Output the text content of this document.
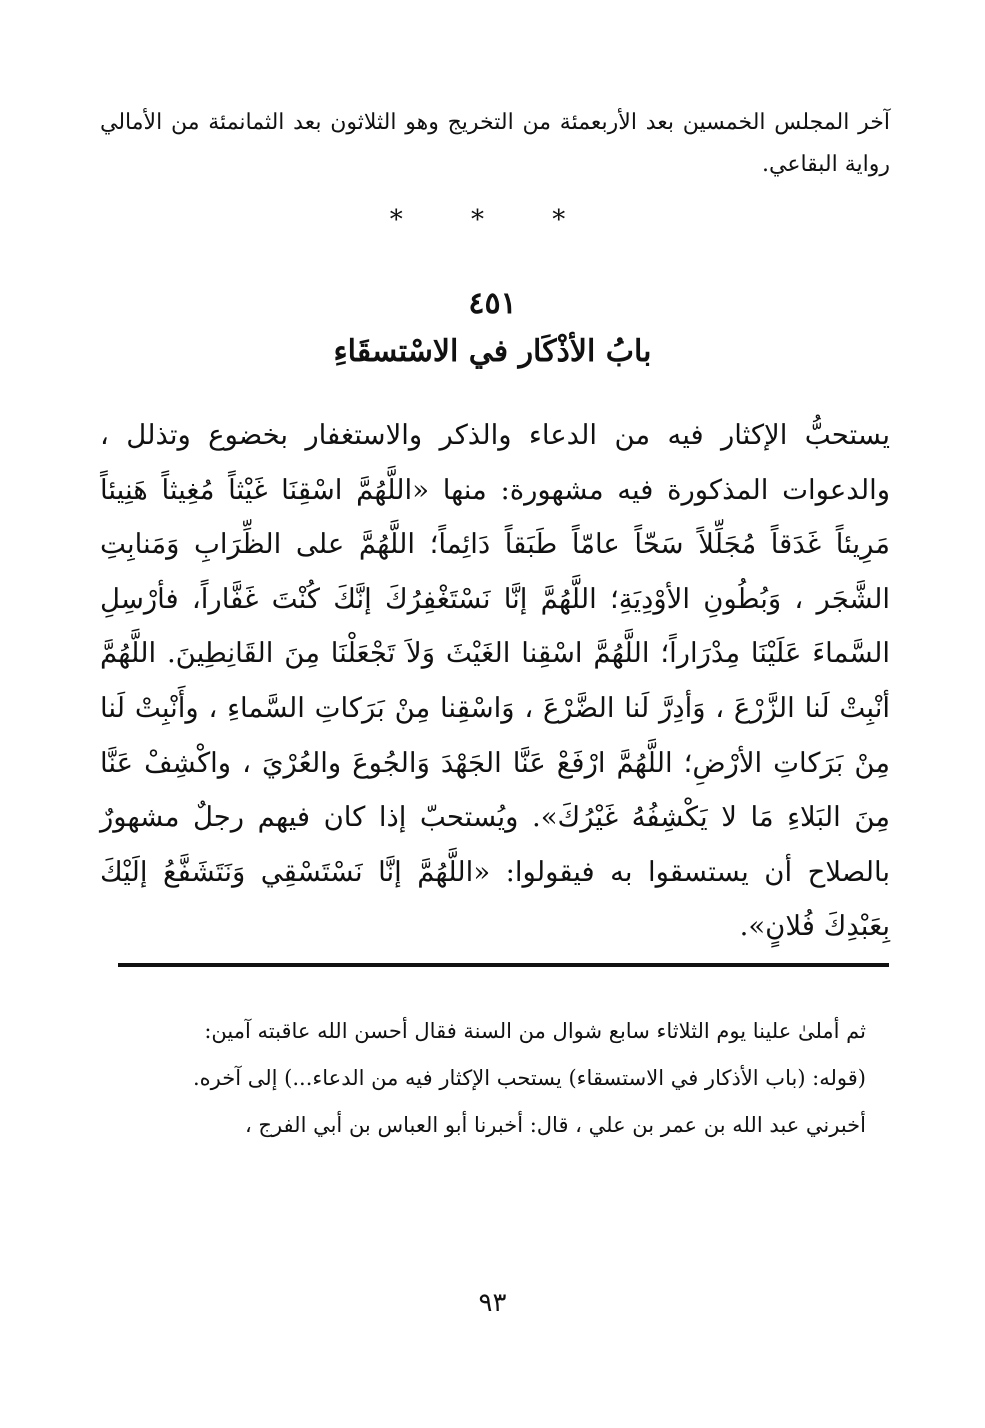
آخر المجلس الخمسين بعد الأربعمئة من التخريج وهو الثلاثون بعد الثمانمئة من الأمالي رواية البقاعي.
* * *
٤٥١
بابُ الأذْكَار في الاسْتسقَاءِ
يستحبُّ الإكثار فيه من الدعاء والذكر والاستغفار بخضوع وتذلل ، والدعوات المذكورة فيه مشهورة: منها «اللَّهُمَّ اسْقِنَا غَيْثاً مُغِيثاً هَنِيئاً مَرِيئاً غَدَقاً مُجَلِّلاً سَحّاً عامّاً طَبَقاً دَائِماً؛ اللَّهُمَّ على الظِّرَابِ وَمَنابِتِ الشَّجَر ، وَبُطُونِ الأوْدِيَةِ؛ اللَّهُمَّ إنَّا نَسْتَغْفِرُكَ إنَّكَ كُنْتَ غَفَّاراً، فأرْسِلِ السَّماءَ عَلَيْنَا مِدْرَاراً؛ اللَّهُمَّ اسْقِنا الغَيْثَ وَلاَ تَجْعَلْنَا مِنَ القَانِطِينَ. اللَّهُمَّ أنْبِتْ لَنا الزَّرْعَ ، وَأدِرَّ لَنا الضَّرْعَ ، وَاسْقِنا مِنْ بَرَكاتِ السَّماءِ ، وأَنْبِتْ لَنا مِنْ بَرَكاتِ الأرْضِ؛ اللَّهُمَّ ارْفَعْ عَنَّا الجَهْدَ وَالجُوعَ والعُرْيَ ، واكْشِفْ عَنَّا مِنَ البَلاءِ مَا لا يَكْشِفُهُ غَيْرُكَ». ويُستحبّ إذا كان فيهم رجلٌ مشهورٌ بالصلاح أن يستسقوا به فيقولوا: «اللَّهُمَّ إنَّا نَسْتَسْقِي وَنَتَشَفَّعُ إلَيْكَ بِعَبْدِكَ فُلانٍ».

ثم أملىٰ علينا يوم الثلاثاء سابع شوال من السنة فقال أحسن الله عاقبته آمين:

(قوله: (باب الأذكار في الاستسقاء) يستحب الإكثار فيه من الدعاء...) إلى آخره.

أخبرني عبد الله بن عمر بن علي ، قال: أخبرنا أبو العباس بن أبي الفرج ،

٩٣
